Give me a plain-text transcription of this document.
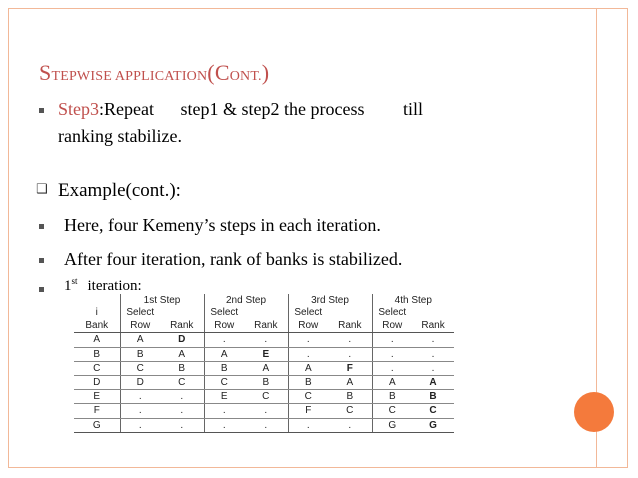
STEPWISE APPLICATION(CONT.)
Step3:Repeat step1 & step2 the process till
ranking stabilize.
❑ Example(cont.):
Here, four Kemeny’s steps in each iteration.
After four iteration, rank of banks is stabilized.
1st iteration:
	1st Step		2nd Step		3rd Step		4th Step	
i	Select		Select		Select		Select	
Bank	Row	Rank	Row	Rank	Row	Rank	Row	Rank
A	A	D	.	.	.	.	.	.
B	B	A	A	E	.	.	.	.
C	C	B	B	A	A	F	.	.
D	D	C	C	B	B	A	A	A
E	.	.	E	C	C	B	B	B
F	.	.	.	.	F	C	C	C
G	.	.	.	.	.	.	G	G
